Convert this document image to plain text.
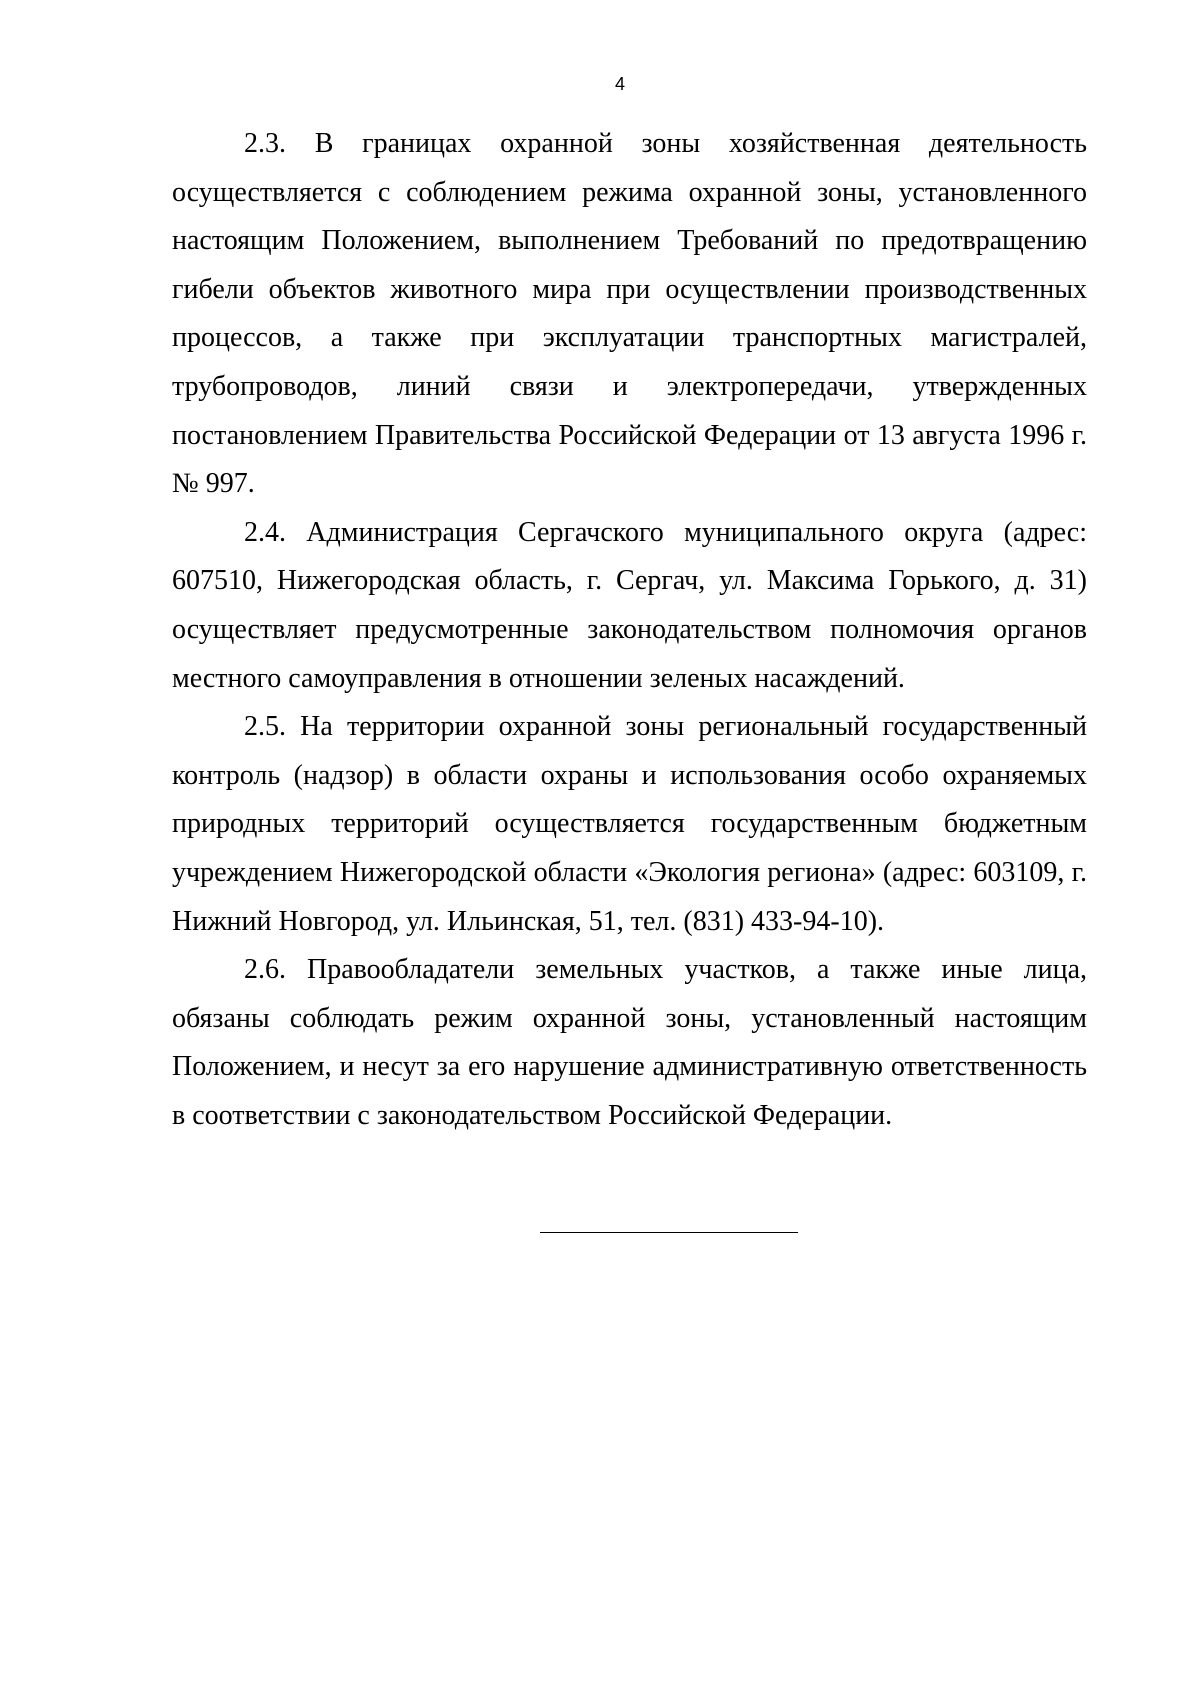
4

2.3. В границах охранной зоны хозяйственная деятельность осуществляется с соблюдением режима охранной зоны, установленного настоящим Положением, выполнением Требований по предотвращению гибели объектов животного мира при осуществлении производственных процессов, а также при эксплуатации транспортных магистралей, трубопроводов, линий связи и электропередачи, утвержденных постановлением Правительства Российской Федерации от 13 августа 1996 г. № 997.

2.4. Администрация Сергачского муниципального округа (адрес: 607510, Нижегородская область, г. Сергач, ул. Максима Горького, д. 31) осуществляет предусмотренные законодательством полномочия органов местного самоуправления в отношении зеленых насаждений.

2.5. На территории охранной зоны региональный государственный контроль (надзор) в области охраны и использования особо охраняемых природных территорий осуществляется государственным бюджетным учреждением Нижегородской области «Экология региона» (адрес: 603109, г. Нижний Новгород, ул. Ильинская, 51, тел. (831) 433-94-10).

2.6. Правообладатели земельных участков, а также иные лица, обязаны соблюдать режим охранной зоны, установленный настоящим Положением, и несут за его нарушение административную ответственность в соответствии с законодательством Российской Федерации.
